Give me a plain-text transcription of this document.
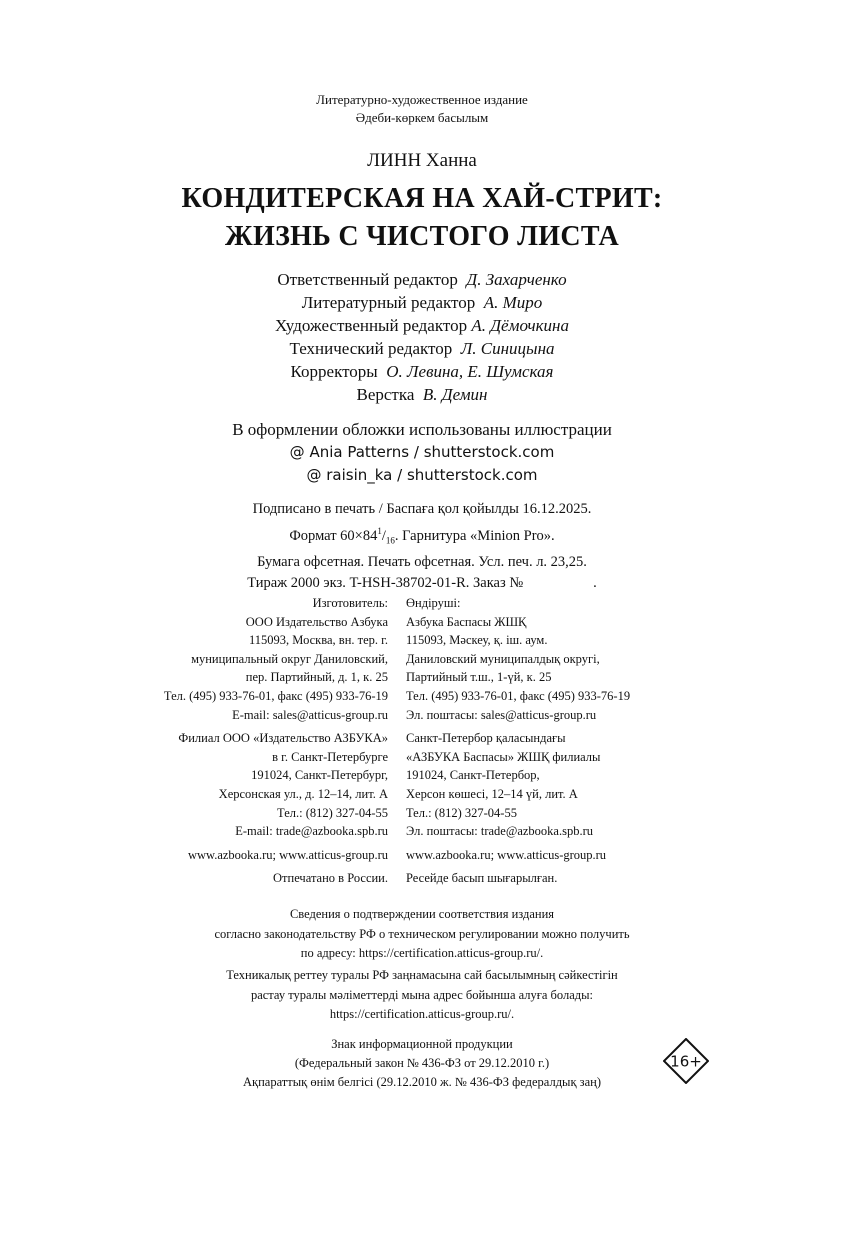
Литературно-художественное издание
Әдеби-көркем басылым
ЛИНН Ханна
КОНДИТЕРСКАЯ НА ХАЙ-СТРИТ:
ЖИЗНЬ С ЧИСТОГО ЛИСТА
Ответственный редактор Д. Захарченко
Литературный редактор А. Миро
Художественный редактор А. Дёмочкина
Технический редактор Л. Синицына
Корректоры О. Левина, Е. Шумская
Верстка В. Демин
В оформлении обложки использованы иллюстрации
@ Ania Patterns / shutterstock.com
@ raisin_ka / shutterstock.com
Подписано в печать / Баспаға қол қойылды 16.12.2025.
Формат $60\times 84^1/_{16}$. Гарнитура «Minion Pro».
Бумага офсетная. Печать офсетная. Усл. печ. л. 23,25.
Тираж 2000 экз. T-HSH-38702-01-R. Заказ №	.
Изготовитель: Өндіруші:
ООО Издательство Азбука Азбука Баспасы ЖШҚ
115093, Москва, вн. тер. г. 115093, Мәскеу, қ. іш. аум.
муниципальный округ Даниловский, Даниловский муниципалдық округі,
пер. Партийный, д. 1, к. 25 Партийный т.ш., 1-үй, к. 25
Тел. (495) 933-76-01, факс (495) 933-76-19 Тел. (495) 933-76-01, факс (495) 933-76-19
E-mail: sales@atticus-group.ru Эл. поштасы: sales@atticus-group.ru
Филиал ООО «Издательство АЗБУКА» Санкт-Петербор қаласындағы
в г. Санкт-Петербурге «АЗБУКА Баспасы» ЖШҚ филиалы
191024, Санкт-Петербург, 191024, Санкт-Петербор,
Херсонская ул., д. 12–14, лит. А Херсон көшесі, 12–14 үй, лит. А
Тел.: (812) 327-04-55 Тел.: (812) 327-04-55
E-mail: trade@azbooka.spb.ru Эл. поштасы: trade@azbooka.spb.ru
www.azbooka.ru; www.atticus-group.ru www.azbooka.ru; www.atticus-group.ru
Отпечатано в России. Ресейде басып шығарылған.
Сведения о подтверждении соответствия издания
согласно законодательству РФ о техническом регулировании можно получить
по адресу: https://certification.atticus-group.ru/.
Техникалық реттеу туралы РФ заңнамасына сай басылымның сәйкестігін
растау туралы мәліметтерді мына адрес бойынша алуға болады:
https://certification.atticus-group.ru/.
Знак информационной продукции
(Федеральный закон № 436-ФЗ от 29.12.2010 г.)
Ақпараттық өнім белгісі (29.12.2010 ж. № 436-ФЗ федералдық заң)
16+
